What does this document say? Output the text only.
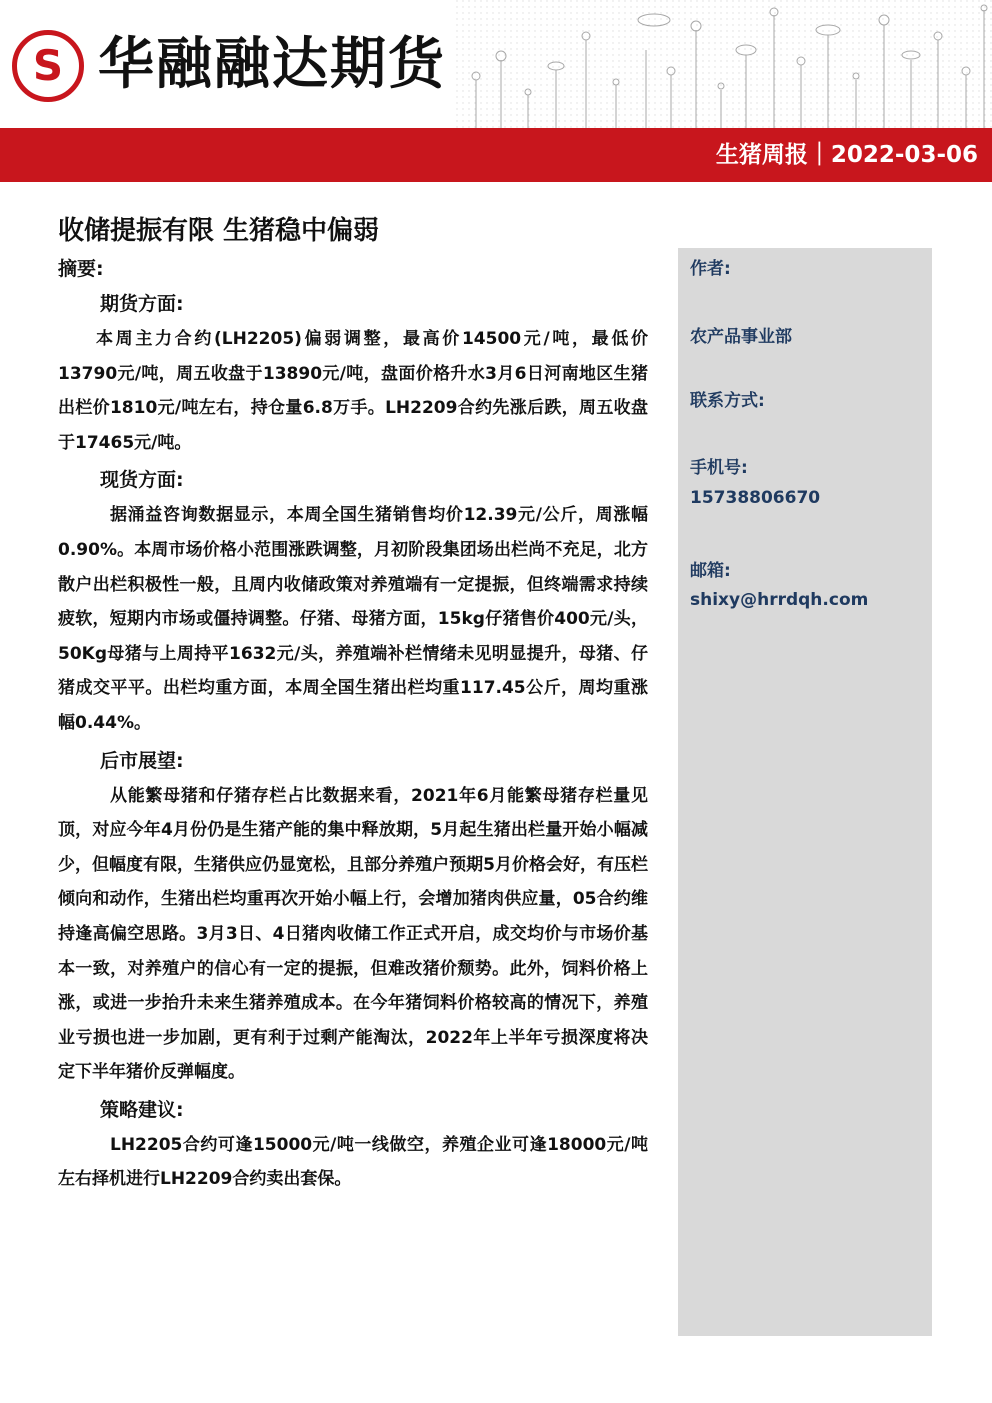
S 华融融达期货
生猪周报｜2022-03-06
收储提振有限 生猪稳中偏弱
摘要:
期货方面:

本周主力合约(LH2205)偏弱调整，最高价14500元/吨，最低价13790元/吨，周五收盘于13890元/吨，盘面价格升水3月6日河南地区生猪出栏价1810元/吨左右，持仓量6.8万手。LH2209合约先涨后跌，周五收盘于17465元/吨。

现货方面:

据涌益咨询数据显示，本周全国生猪销售均价12.39元/公斤，周涨幅0.90%。本周市场价格小范围涨跌调整，月初阶段集团场出栏尚不充足，北方散户出栏积极性一般，且周内收储政策对养殖端有一定提振，但终端需求持续疲软，短期内市场或僵持调整。仔猪、母猪方面，15kg仔猪售价400元/头，50Kg母猪与上周持平1632元/头，养殖端补栏情绪未见明显提升，母猪、仔猪成交平平。出栏均重方面，本周全国生猪出栏均重117.45公斤，周均重涨幅0.44%。

后市展望:

从能繁母猪和仔猪存栏占比数据来看，2021年6月能繁母猪存栏量见顶，对应今年4月份仍是生猪产能的集中释放期，5月起生猪出栏量开始小幅减少，但幅度有限，生猪供应仍显宽松，且部分养殖户预期5月价格会好，有压栏倾向和动作，生猪出栏均重再次开始小幅上行，会增加猪肉供应量，05合约维持逢高偏空思路。3月3日、4日猪肉收储工作正式开启，成交均价与市场价基本一致，对养殖户的信心有一定的提振，但难改猪价颓势。此外，饲料价格上涨，或进一步抬升未来生猪养殖成本。在今年猪饲料价格较高的情况下，养殖业亏损也进一步加剧，更有利于过剩产能淘汰，2022年上半年亏损深度将决定下半年猪价反弹幅度。

策略建议:

LH2205合约可逢15000元/吨一线做空，养殖企业可逢18000元/吨左右择机进行LH2209合约卖出套保。

作者:
农产品事业部
联系方式:
手机号:
15738806670
邮箱:
shixy@hrrdqh.com
